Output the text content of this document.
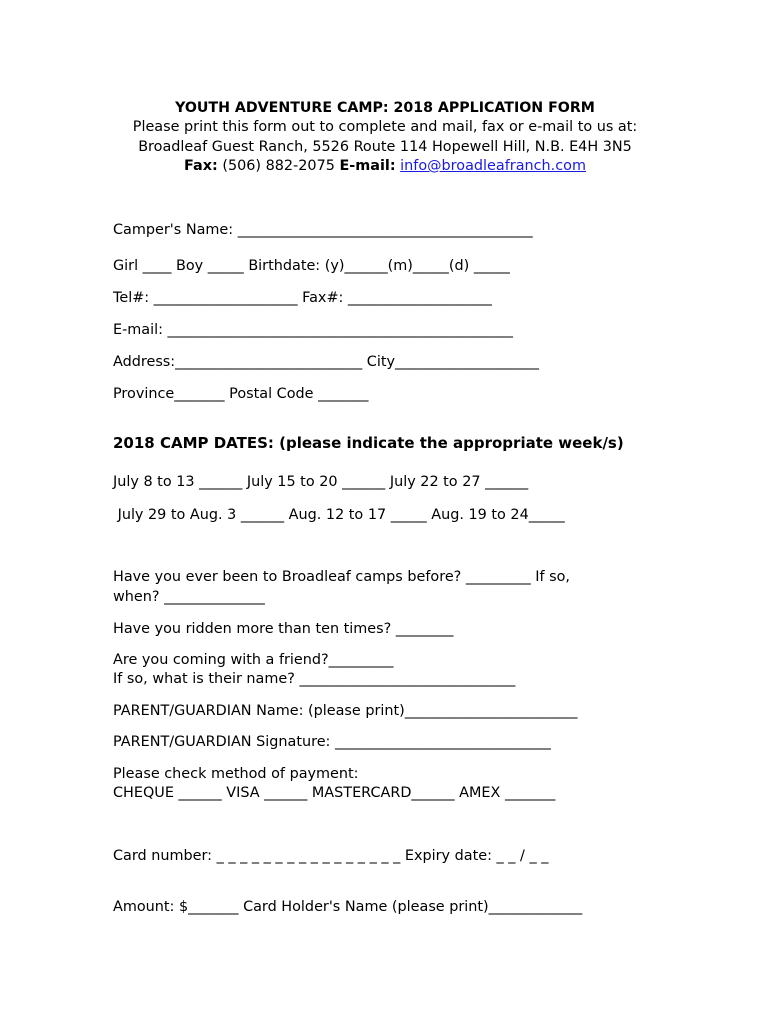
YOUTH ADVENTURE CAMP: 2018 APPLICATION FORM
Please print this form out to complete and mail, fax or e-mail to us at:
Broadleaf Guest Ranch, 5526 Route 114 Hopewell Hill, N.B. E4H 3N5
Fax: (506) 882-2075 E-mail: info@broadleafranch.com
Camper's Name: _________________________________________
Girl ____ Boy _____ Birthdate: (y)______(m)_____(d) _____
Tel#: ____________________ Fax#: ____________________
E-mail: ________________________________________________
Address:__________________________ City____________________
Province_______ Postal Code _______
2018 CAMP DATES: (please indicate the appropriate week/s)
July 8 to 13 ______ July 15 to 20 ______ July 22 to 27 ______
July 29 to Aug. 3 ______ Aug. 12 to 17 _____ Aug. 19 to 24_____
Have you ever been to Broadleaf camps before? _________ If so,
when? ______________
Have you ridden more than ten times? ________
Are you coming with a friend?_________
If so, what is their name? ______________________________
PARENT/GUARDIAN Name: (please print)________________________
PARENT/GUARDIAN Signature: ______________________________
Please check method of payment:
CHEQUE ______ VISA ______ MASTERCARD______ AMEX _______
Card number: _ _ _ _ _ _ _ _ _ _ _ _ _ _ _ _ Expiry date: _ _ / _ _
Amount: $_______ Card Holder's Name (please print)_____________
